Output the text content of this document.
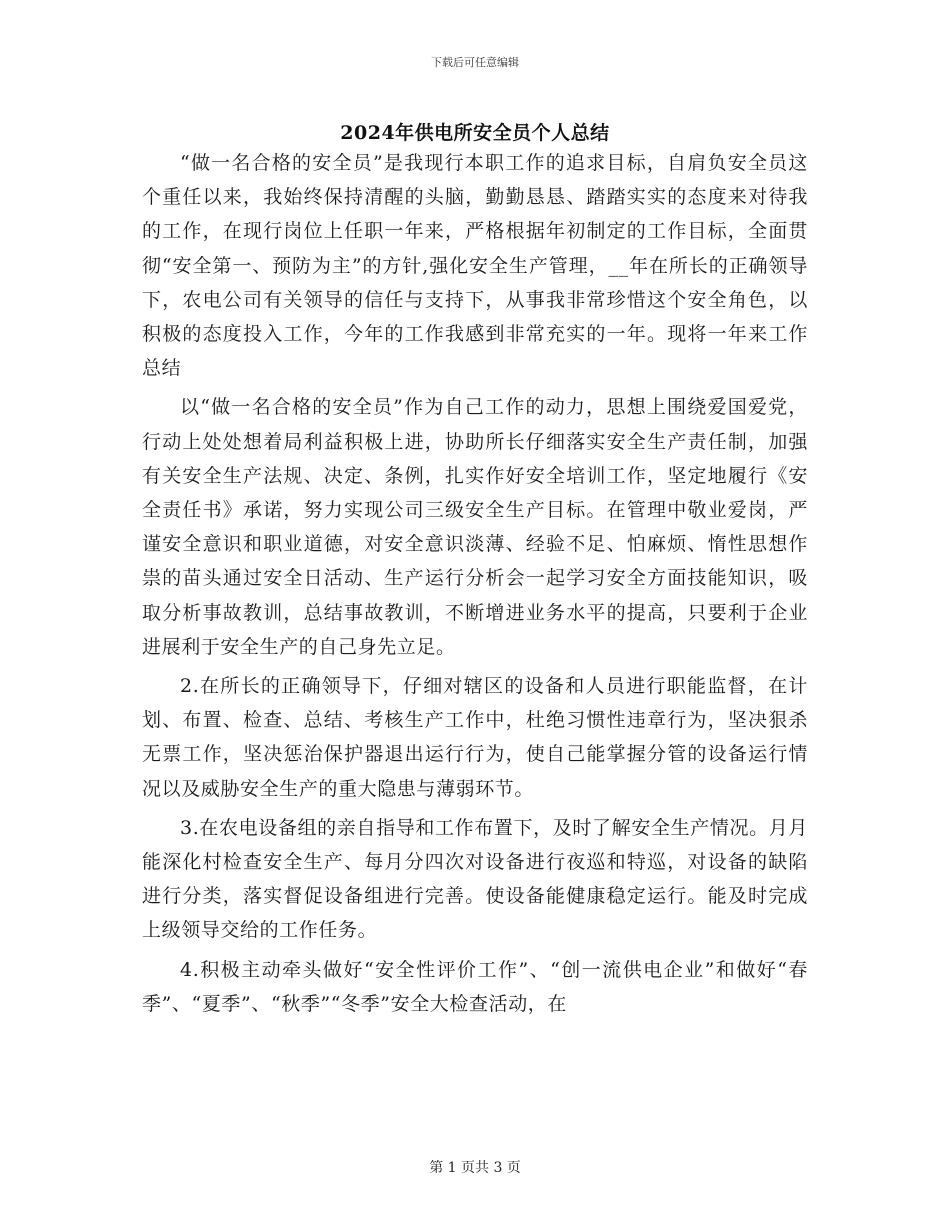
下载后可任意编辑
2024年供电所安全员个人总结

“做一名合格的安全员”是我现行本职工作的追求目标，自肩负安全员这个重任以来，我始终保持清醒的头脑，勤勤恳恳、踏踏实实的态度来对待我的工作，在现行岗位上任职一年来，严格根据年初制定的工作目标，全面贯彻“安全第一、预防为主”的方针,强化安全生产管理，__年在所长的正确领导下，农电公司有关领导的信任与支持下，从事我非常珍惜这个安全角色，以积极的态度投入工作，今年的工作我感到非常充实的一年。现将一年来工作总结

以“做一名合格的安全员”作为自己工作的动力，思想上围绕爱国爱党，行动上处处想着局利益积极上进，协助所长仔细落实安全生产责任制，加强有关安全生产法规、决定、条例，扎实作好安全培训工作，坚定地履行《安全责任书》承诺，努力实现公司三级安全生产目标。在管理中敬业爱岗，严谨安全意识和职业道德，对安全意识淡薄、经验不足、怕麻烦、惰性思想作祟的苗头通过安全日活动、生产运行分析会一起学习安全方面技能知识，吸取分析事故教训，总结事故教训，不断增进业务水平的提高，只要利于企业进展利于安全生产的自己身先立足。

2.在所长的正确领导下，仔细对辖区的设备和人员进行职能监督，在计划、布置、检查、总结、考核生产工作中，杜绝习惯性违章行为，坚决狠杀无票工作，坚决惩治保护器退出运行行为，使自己能掌握分管的设备运行情况以及威胁安全生产的重大隐患与薄弱环节。

3.在农电设备组的亲自指导和工作布置下，及时了解安全生产情况。月月能深化村检查安全生产、每月分四次对设备进行夜巡和特巡，对设备的缺陷进行分类，落实督促设备组进行完善。使设备能健康稳定运行。能及时完成上级领导交给的工作任务。

4.积极主动牵头做好“安全性评价工作”、“创一流供电企业”和做好“春季”、“夏季”、“秋季”“冬季”安全大检查活动，在

第 1 页共 3 页
